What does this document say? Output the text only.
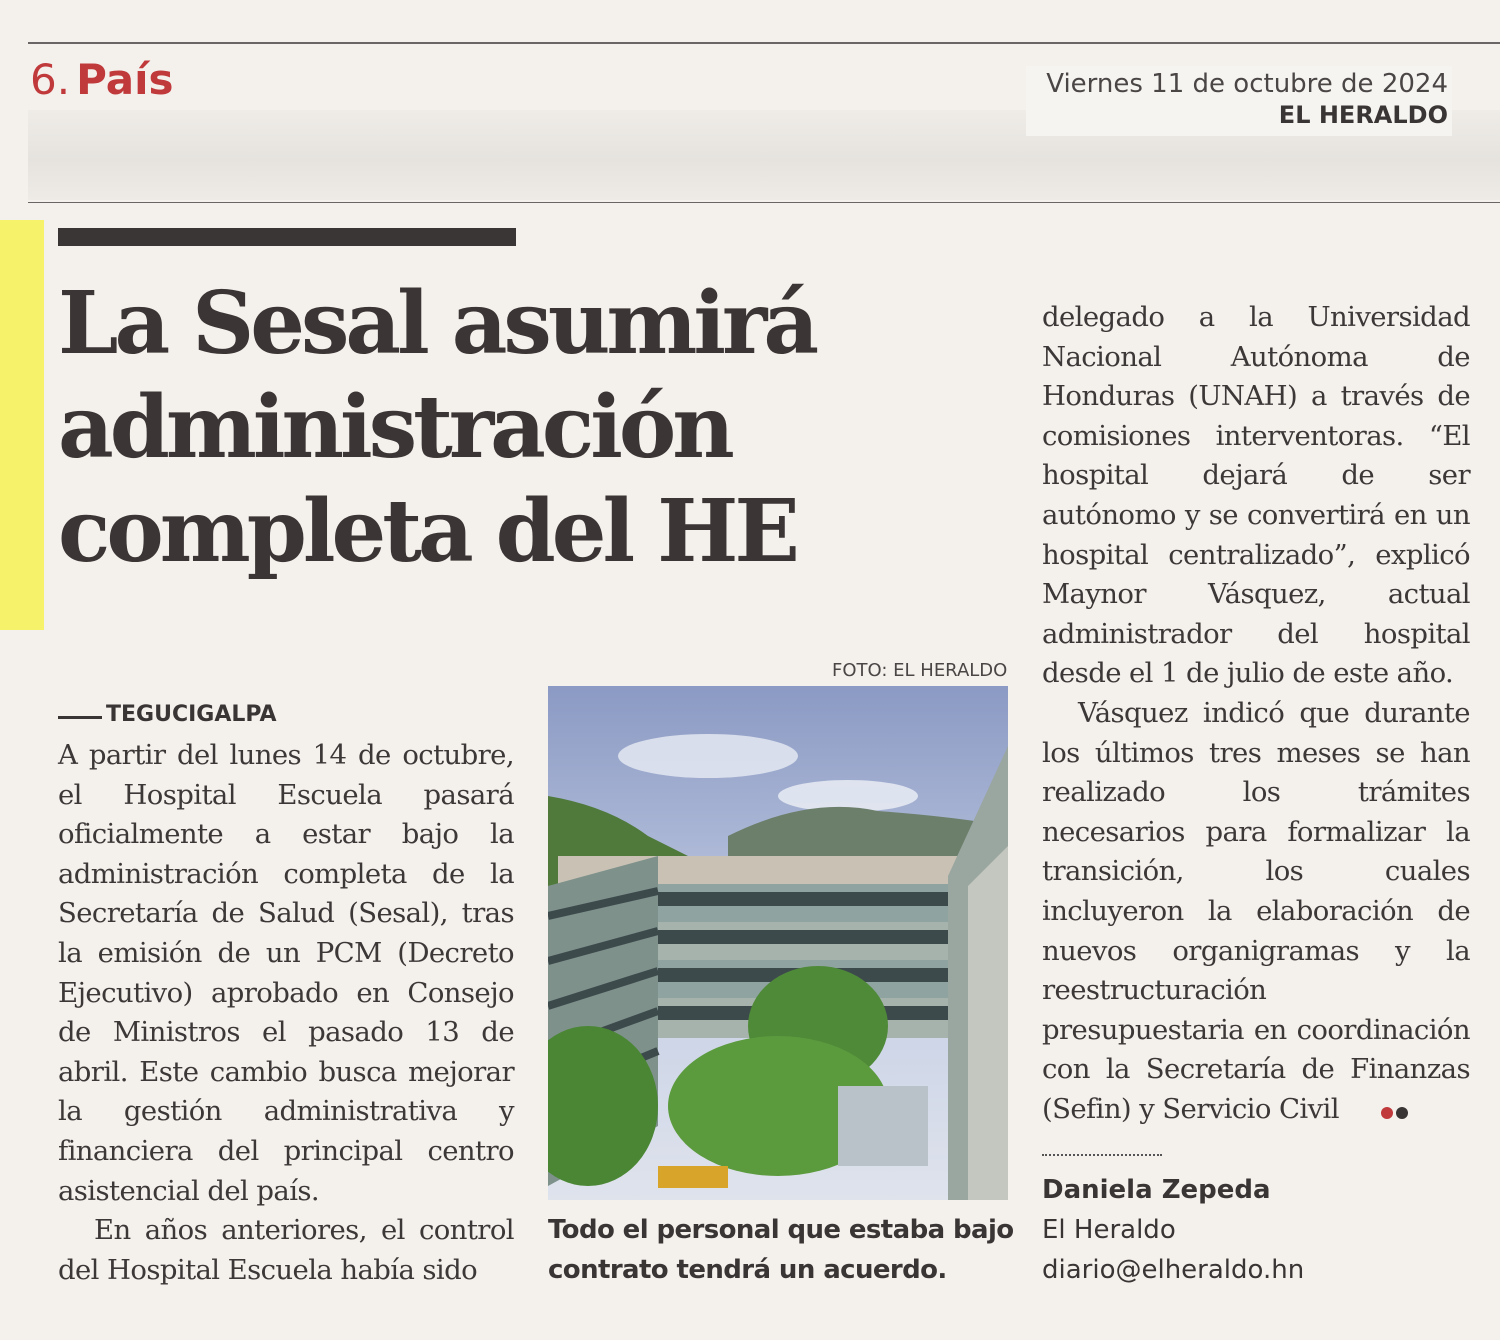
6. País	Viernes 11 de octubre de 2024
EL HERALDO
La Sesal asumirá
administración
completa del HE
TEGUCIGALPA

A partir del lunes 14 de octubre, el Hospital Escuela pasará oficialmente a estar bajo la administración completa de la Secretaría de Salud (Sesal), tras la emisión de un PCM (Decreto Ejecutivo) aprobado en Consejo de Ministros el pasado 13 de abril. Este cambio busca mejorar la gestión administrativa y financiera del principal centro asistencial del país.

En años anteriores, el control del Hospital Escuela había sido

FOTO: EL HERALDO
Todo el personal que estaba bajo contrato tendrá un acuerdo.

delegado a la Universidad Nacional Autónoma de Honduras (UNAH) a través de comisiones interventoras. “El hospital dejará de ser autónomo y se convertirá en un hospital centralizado”, explicó Maynor Vásquez, actual administrador del hospital desde el 1 de julio de este año.

Vásquez indicó que durante los últimos tres meses se han realizado los trámites necesarios para formalizar la transición, los cuales incluyeron la elaboración de nuevos organigramas y la reestructuración presupuestaria en coordinación con la Secretaría de Finanzas (Sefin) y Servicio Civil

Daniela Zepeda
El Heraldo
diario@elheraldo.hn
